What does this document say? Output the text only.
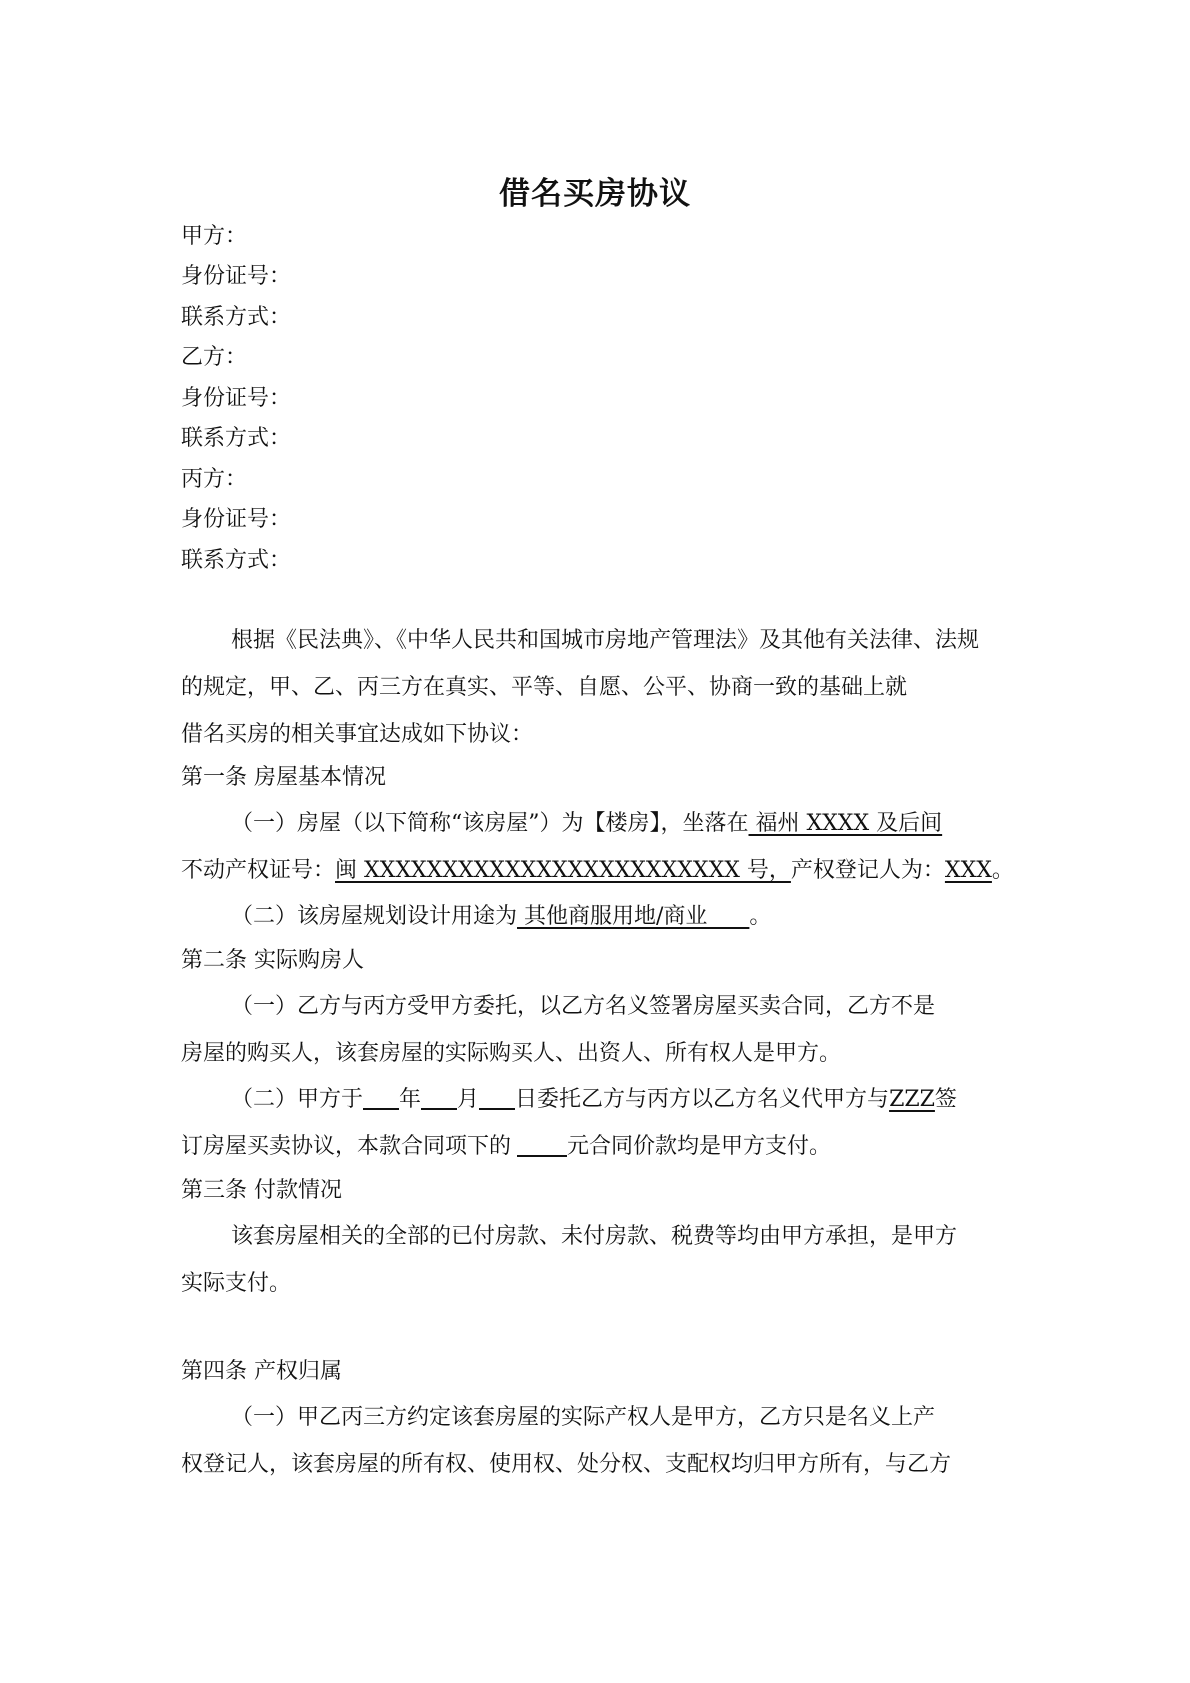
借名买房协议
甲方：
身份证号：
联系方式：
乙方：
身份证号：
联系方式：
丙方：
身份证号：
联系方式：
根据《民法典》、《中华人民共和国城市房地产管理法》及其他有关法律、法规
的规定，甲、乙、丙三方在真实、平等、自愿、公平、协商一致的基础上就
借名买房的相关事宜达成如下协议：
第一条 房屋基本情况
（一）房屋（以下简称“该房屋”）为【楼房】，坐落在 福州 XXXX 及后间
不动产权证号：闽 XXXXXXXXXXXXXXXXXXXXXXXX 号，产权登记人为：XXX。
（二）该房屋规划设计用途为 其他商服用地/商业      。
第二条 实际购房人
（一）乙方与丙方受甲方委托，以乙方名义签署房屋买卖合同，乙方不是
房屋的购买人，该套房屋的实际购买人、出资人、所有权人是甲方。
（二）甲方于 年 月 日委托乙方与丙方以乙方名义代甲方与ZZZ签
订房屋买卖协议，本款合同项下的	元合同价款均是甲方支付。
第三条 付款情况
该套房屋相关的全部的已付房款、未付房款、税费等均由甲方承担，是甲方
实际支付。
第四条 产权归属
（一）甲乙丙三方约定该套房屋的实际产权人是甲方，乙方只是名义上产
权登记人，该套房屋的所有权、使用权、处分权、支配权均归甲方所有，与乙方
